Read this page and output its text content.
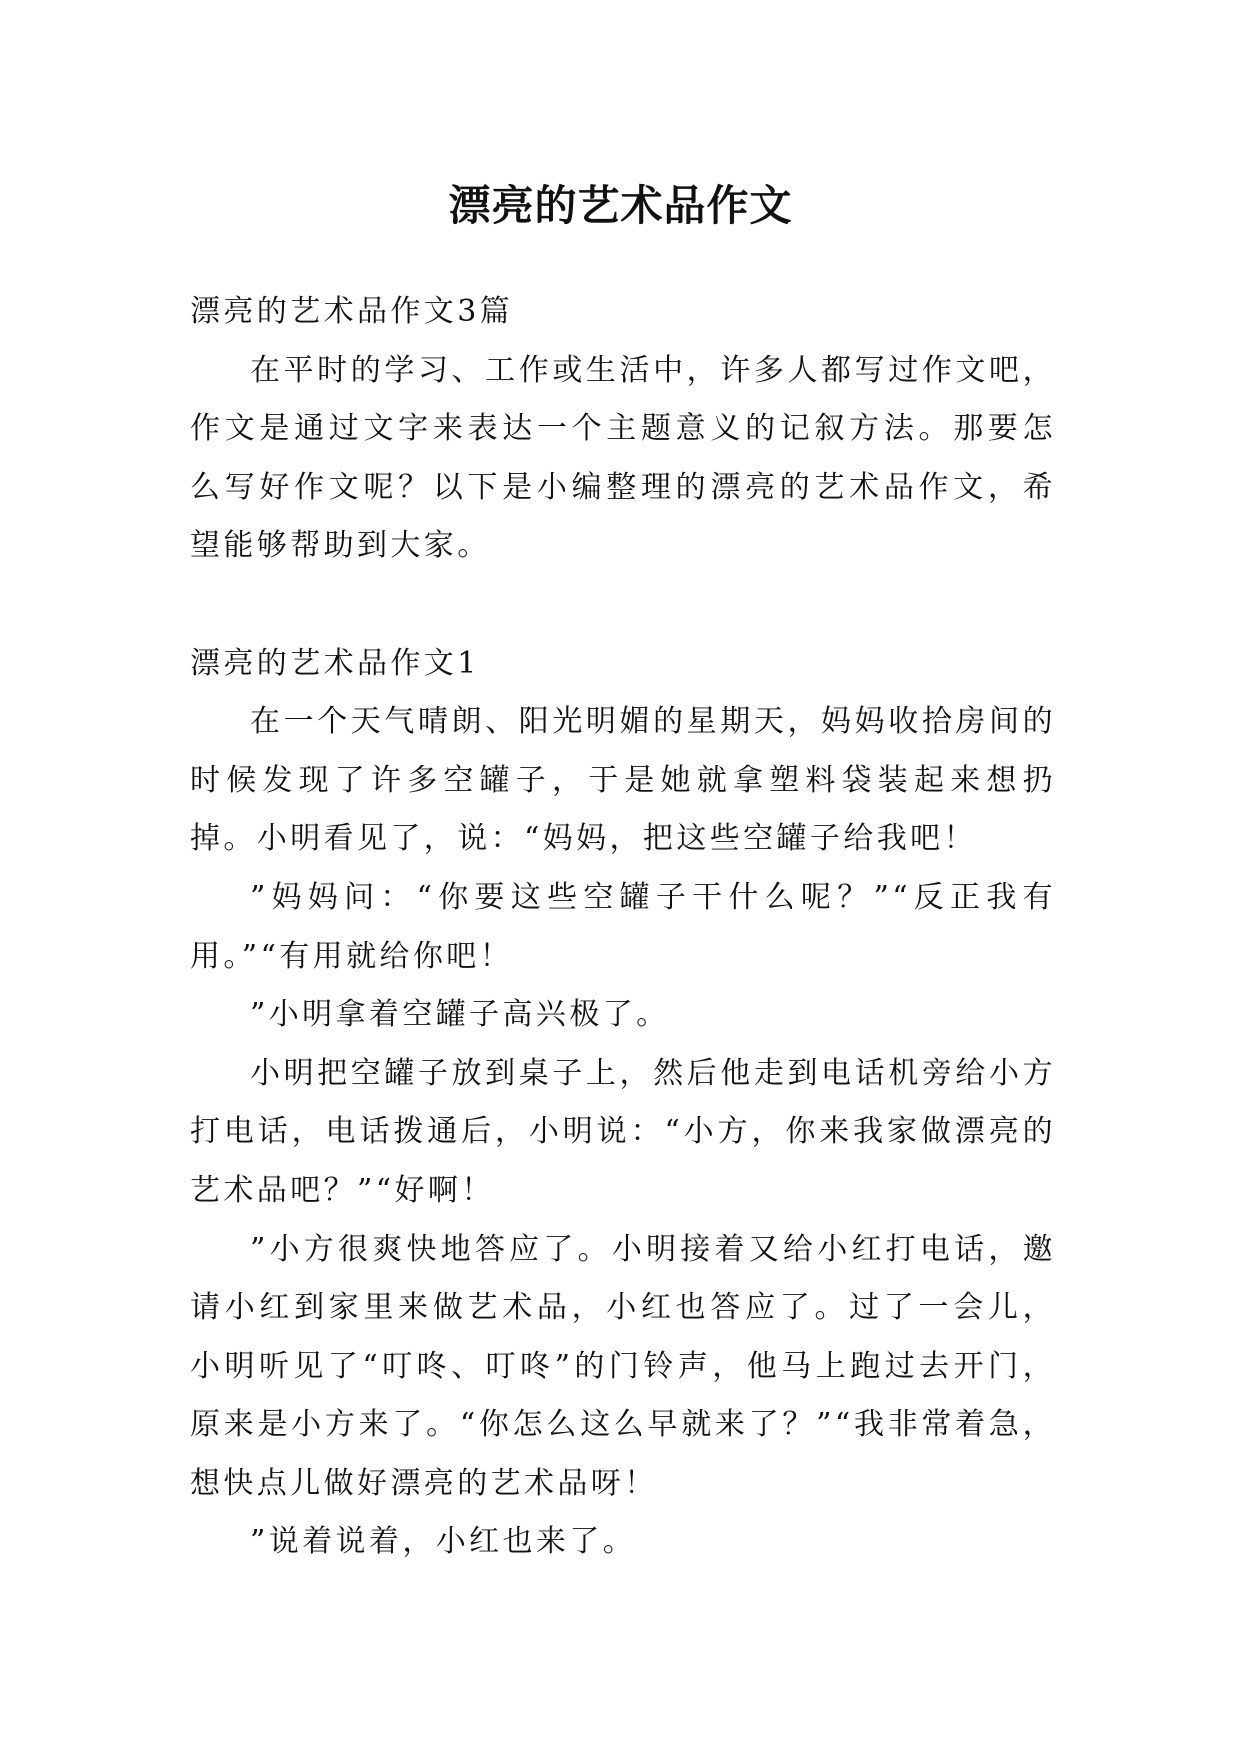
漂亮的艺术品作文

漂亮的艺术品作文3篇

在平时的学习、工作或生活中，许多人都写过作文吧，作文是通过文字来表达一个主题意义的记叙方法。那要怎么写好作文呢？以下是小编整理的漂亮的艺术品作文，希望能够帮助到大家。

漂亮的艺术品作文1

在一个天气晴朗、阳光明媚的星期天，妈妈收拾房间的时候发现了许多空罐子，于是她就拿塑料袋装起来想扔掉。小明看见了，说：“妈妈，把这些空罐子给我吧！

”妈妈问：“你要这些空罐子干什么呢？”“反正我有用。”“有用就给你吧！

”小明拿着空罐子高兴极了。

小明把空罐子放到桌子上，然后他走到电话机旁给小方打电话，电话拨通后，小明说：“小方，你来我家做漂亮的艺术品吧？”“好啊！

”小方很爽快地答应了。小明接着又给小红打电话，邀请小红到家里来做艺术品，小红也答应了。过了一会儿，小明听见了“叮咚、叮咚”的门铃声，他马上跑过去开门，原来是小方来了。“你怎么这么早就来了？”“我非常着急，想快点儿做好漂亮的艺术品呀！

”说着说着，小红也来了。
